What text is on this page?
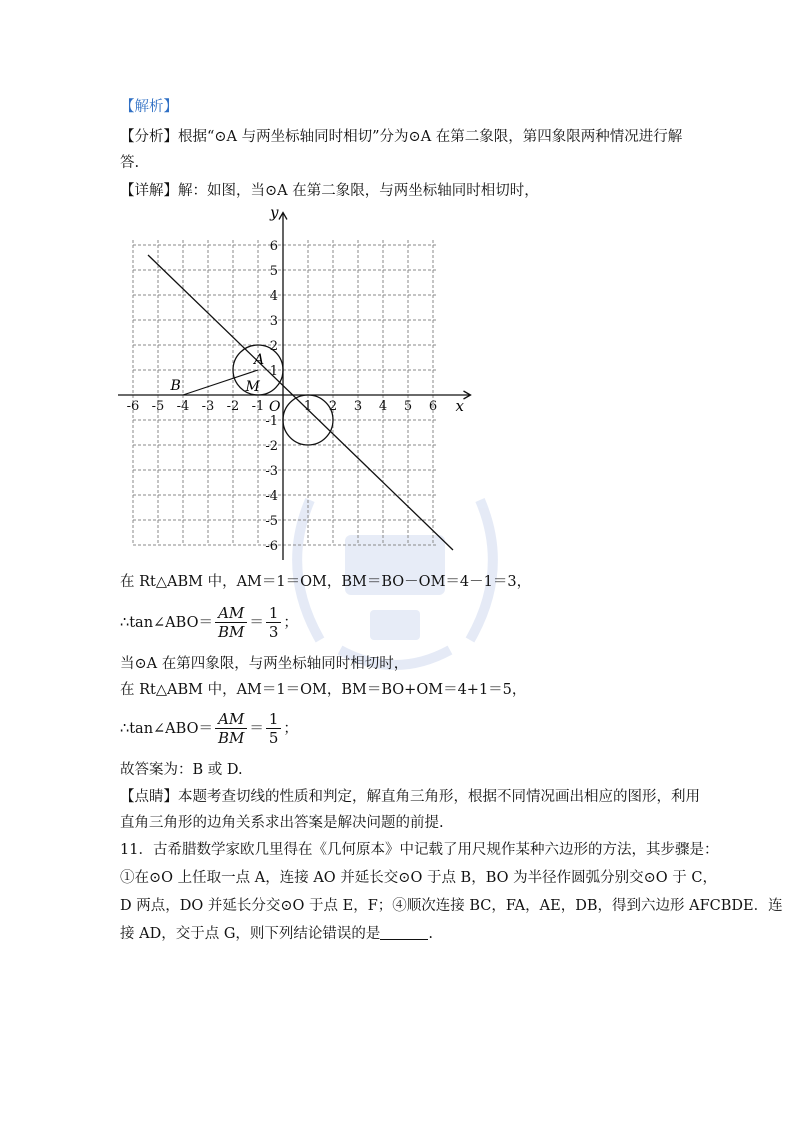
【解析】
【分析】根据“⊙A 与两坐标轴同时相切”分为⊙A 在第二象限，第四象限两种情况进行解
答.
【详解】解：如图，当⊙A 在第二象限，与两坐标轴同时相切时，
-6 -5 -4 -3 -2 -1	1 2 3 4 5 6
6
5
4
3
2
1
-1
-2
-3
-4
-5
-6
y
x
O
A
B	M
在 Rt△ABM 中，AM＝1＝OM，BM＝BO－OM＝4－1＝3，
∴tan∠ABO＝ $\frac{AM}{BM} = \frac{1}{3}$ ；
当⊙A 在第四象限，与两坐标轴同时相切时，
在 Rt△ABM 中，AM＝1＝OM，BM＝BO+OM＝4+1＝5，
∴tan∠ABO＝ $\frac{AM}{BM} = \frac{1}{5}$ ；
故答案为：B 或 D.
【点睛】本题考查切线的性质和判定，解直角三角形，根据不同情况画出相应的图形，利用
直角三角形的边角关系求出答案是解决问题的前提.
11．古希腊数学家欧几里得在《几何原本》中记载了用尺规作某种六边形的方法，其步骤是：
①在⊙O 上任取一点 A，连接 AO 并延长交⊙O 于点 B，BO 为半径作圆弧分别交⊙O 于 C，
D 两点，DO 并延长分交⊙O 于点 E，F；④顺次连接 BC，FA，AE，DB，得到六边形 AFCBDE．连
接 AD，交于点 G，则下列结论错误的是	.
